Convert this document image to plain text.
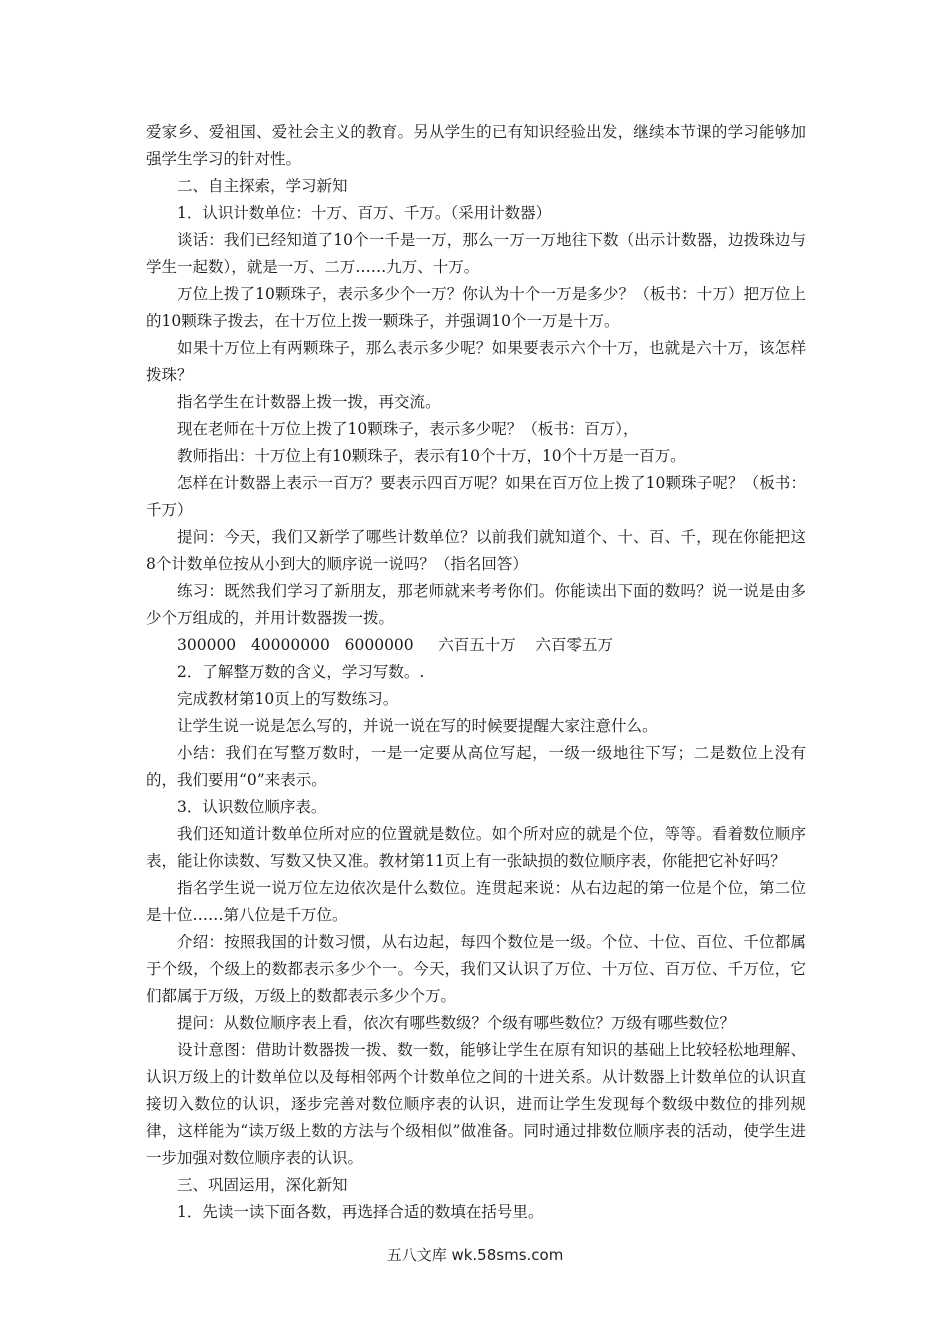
爱家乡、爱祖国、爱社会主义的教育。另从学生的已有知识经验出发，继续本节课的学习能够加强学生学习的针对性。

二、自主探索，学习新知

1．认识计数单位：十万、百万、千万。（采用计数器）

谈话：我们已经知道了10个一千是一万，那么一万一万地往下数（出示计数器，边拨珠边与学生一起数），就是一万、二万……九万、十万。

万位上拨了10颗珠子，表示多少个一万？你认为十个一万是多少？（板书：十万）把万位上的10颗珠子拨去，在十万位上拨一颗珠子，并强调10个一万是十万。

如果十万位上有两颗珠子，那么表示多少呢？如果要表示六个十万，也就是六十万，该怎样拨珠？

指名学生在计数器上拨一拨，再交流。

现在老师在十万位上拨了10颗珠子，表示多少呢？（板书：百万），

教师指出：十万位上有10颗珠子，表示有10个十万，10个十万是一百万。

怎样在计数器上表示一百万？要表示四百万呢？如果在百万位上拨了10颗珠子呢？（板书：千万）

提问：今天，我们又新学了哪些计数单位？以前我们就知道个、十、百、千，现在你能把这8个计数单位按从小到大的顺序说一说吗？（指名回答）

练习：既然我们学习了新朋友，那老师就来考考你们。你能读出下面的数吗？说一说是由多少个万组成的，并用计数器拨一拨。

300000   40000000   6000000     六百五十万    六百零五万

2．了解整万数的含义，学习写数。.

完成教材第10页上的写数练习。

让学生说一说是怎么写的，并说一说在写的时候要提醒大家注意什么。

小结：我们在写整万数时，一是一定要从高位写起，一级一级地往下写；二是数位上没有的，我们要用“0”来表示。

3．认识数位顺序表。

我们还知道计数单位所对应的位置就是数位。如个所对应的就是个位，等等。看着数位顺序表，能让你读数、写数又快又准。教材第11页上有一张缺损的数位顺序表，你能把它补好吗？

指名学生说一说万位左边依次是什么数位。连贯起来说：从右边起的第一位是个位，第二位是十位……第八位是千万位。

介绍：按照我国的计数习惯，从右边起，每四个数位是一级。个位、十位、百位、千位都属于个级，个级上的数都表示多少个一。今天，我们又认识了万位、十万位、百万位、千万位，它们都属于万级，万级上的数都表示多少个万。

提问：从数位顺序表上看，依次有哪些数级？个级有哪些数位？万级有哪些数位？

设计意图：借助计数器拨一拨、数一数，能够让学生在原有知识的基础上比较轻松地理解、认识万级上的计数单位以及每相邻两个计数单位之间的十进关系。从计数器上计数单位的认识直接切入数位的认识，逐步完善对数位顺序表的认识，进而让学生发现每个数级中数位的排列规律，这样能为“读万级上数的方法与个级相似”做准备。同时通过排数位顺序表的活动，使学生进一步加强对数位顺序表的认识。

三、巩固运用，深化新知

1．先读一读下面各数，再选择合适的数填在括号里。

五八文库 wk.58sms.com
